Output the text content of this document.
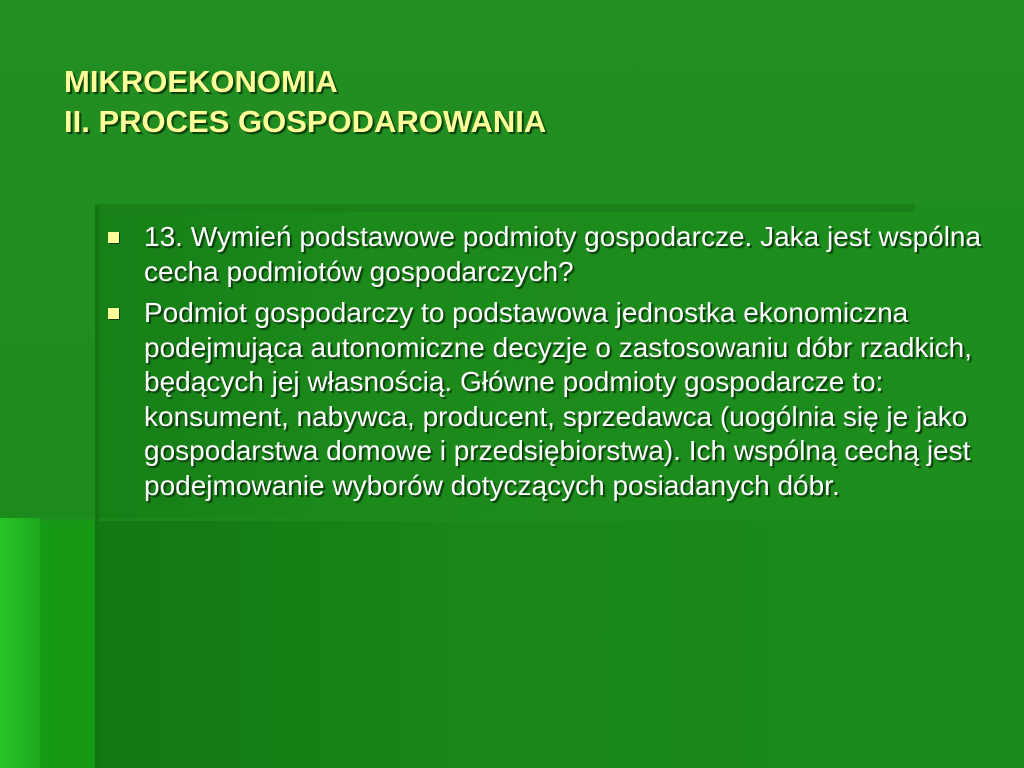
MIKROEKONOMIA
II. PROCES GOSPODAROWANIA
13. Wymień podstawowe podmioty gospodarcze. Jaka jest wspólna cecha podmiotów gospodarczych?
Podmiot gospodarczy to podstawowa jednostka ekonomiczna podejmująca autonomiczne decyzje o zastosowaniu dóbr rzadkich, będących jej własnością. Główne podmioty gospodarcze to: konsument, nabywca, producent, sprzedawca (uogólnia się je jako gospodarstwa domowe i przedsiębiorstwa). Ich wspólną cechą jest podejmowanie wyborów dotyczących posiadanych dóbr.
